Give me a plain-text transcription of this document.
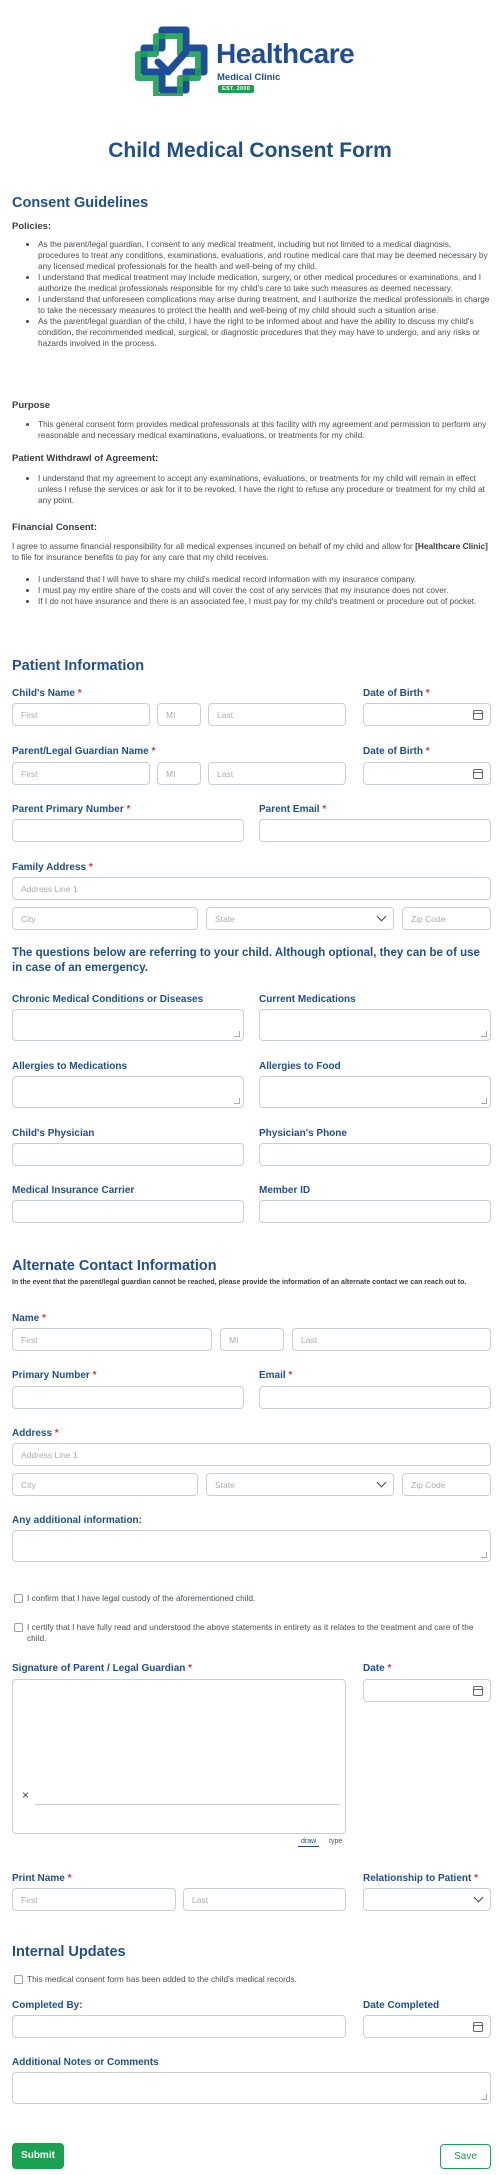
Healthcare
Medical Clinic
EST. 2000
Child Medical Consent Form
Consent Guidelines
Policies:
• As the parent/legal guardian, I consent to any medical treatment, including but not limited to a medical diagnosis, procedures to treat any conditions, examinations, evaluations, and routine medical care that may be deemed necessary by any licensed medical professionals for the health and well-being of my child.
• I understand that medical treatment may include medication, surgery, or other medical procedures or examinations, and I authorize the medical professionals responsible for my child's care to take such measures as deemed necessary.
• I understand that unforeseen complications may arise during treatment, and I authorize the medical professionals in charge to take the necessary measures to protect the health and well-being of my child should such a situation arise.
• As the parent/legal guardian of the child, I have the right to be informed about and have the ability to discuss my child's condition, the recommended medical, surgical, or diagnostic procedures that they may have to undergo, and any risks or hazards involved in the process.
Purpose
• This general consent form provides medical professionals at this facility with my agreement and permission to perform any reasonable and necessary medical examinations, evaluations, or treatments for my child.
Patient Withdrawl of Agreement:
• I understand that my agreement to accept any examinations, evaluations, or treatments for my child will remain in effect unless I refuse the services or ask for it to be revoked. I have the right to refuse any procedure or treatment for my child at any point.
Financial Consent:
I agree to assume financial responsibility for all medical expenses incurred on behalf of my child and allow for [Healthcare Clinic] to file for insurance benefits to pay for any care that my child receives.
• I understand that I will have to share my child's medical record information with my insurance company.
• I must pay my entire share of the costs and will cover the cost of any services that my insurance does not cover.
• If I do not have insurance and there is an associated fee, I must pay for my child's treatment or procedure out of pocket.
Patient Information
Child's Name *
First	MI	Last
Date of Birth *
Parent/Legal Guardian Name *
First	MI	Last
Date of Birth *
Parent Primary Number *	Parent Email *
Family Address *
Address Line 1
City	State	Zip Code
The questions below are referring to your child. Although optional, they can be of use in case of an emergency.
Chronic Medical Conditions or Diseases	Current Medications
Allergies to Medications	Allergies to Food
Child's Physician	Physician's Phone
Medical Insurance Carrier	Member ID
Alternate Contact Information
In the event that the parent/legal guardian cannot be reached, please provide the information of an alternate contact we can reach out to.
Name *
First	MI	Last
Primary Number *	Email *
Address *
Address Line 1
City	State	Zip Code
Any additional information:
I confirm that I have legal custody of the aforementioned child.
I certify that I have fully read and understood the above statements in entirety as it relates to the treatment and care of the child.
Signature of Parent / Legal Guardian *
×
draw	type
Date *
Print Name *
First	Last
Relationship to Patient *
Internal Updates
This medical consent form has been added to the child's medical records.
Completed By:	Date Completed
Additional Notes or Comments
Submit	Save
